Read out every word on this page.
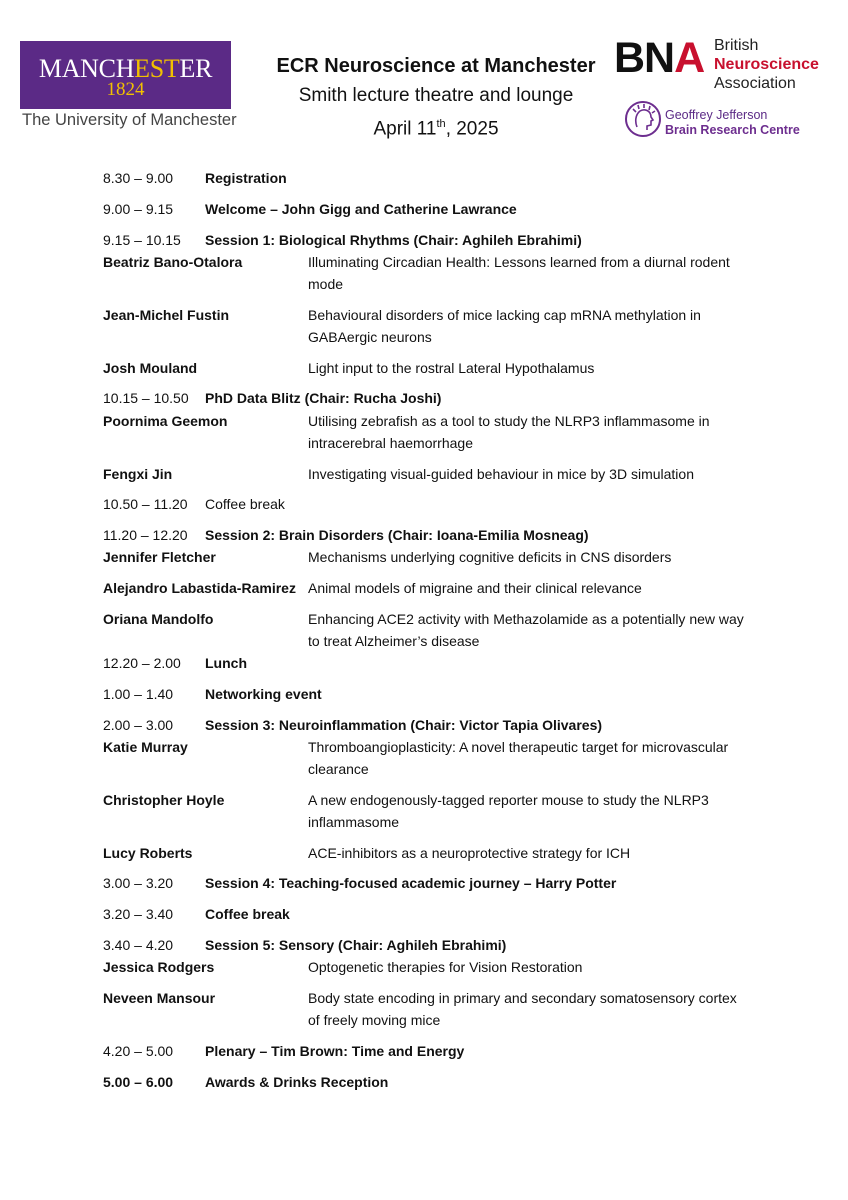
MANCHESTER
1824
The University of Manchester
ECR Neuroscience at Manchester
Smith lecture theatre and lounge
April 11th, 2025
BNA British
Neuroscience
Association
Geoffrey Jefferson
Brain Research Centre
8.30 – 9.00 Registration
9.00 – 9.15 Welcome – John Gigg and Catherine Lawrance
9.15 – 10.15 Session 1: Biological Rhythms (Chair: Aghileh Ebrahimi)
Beatriz Bano-Otalora	Illuminating Circadian Health: Lessons learned from a diurnal rodent mode
Jean-Michel Fustin	Behavioural disorders of mice lacking cap mRNA methylation in GABAergic neurons
Josh Mouland	Light input to the rostral Lateral Hypothalamus
10.15 – 10.50 PhD Data Blitz (Chair: Rucha Joshi)
Poornima Geemon	Utilising zebrafish as a tool to study the NLRP3 inflammasome in intracerebral haemorrhage
Fengxi Jin	Investigating visual-guided behaviour in mice by 3D simulation
10.50 – 11.20 Coffee break
11.20 – 12.20 Session 2: Brain Disorders (Chair: Ioana-Emilia Mosneag)
Jennifer Fletcher	Mechanisms underlying cognitive deficits in CNS disorders
Alejandro Labastida-Ramirez Animal models of migraine and their clinical relevance
Oriana Mandolfo	Enhancing ACE2 activity with Methazolamide as a potentially new way to treat Alzheimer’s disease
12.20 – 2.00 Lunch
1.00 – 1.40 Networking event
2.00 – 3.00 Session 3: Neuroinflammation (Chair: Victor Tapia Olivares)
Katie Murray	Thromboangioplasticity: A novel therapeutic target for microvascular clearance
Christopher Hoyle	A new endogenously-tagged reporter mouse to study the NLRP3 inflammasome
Lucy Roberts	ACE-inhibitors as a neuroprotective strategy for ICH
3.00 – 3.20 Session 4: Teaching-focused academic journey – Harry Potter
3.20 – 3.40 Coffee break
3.40 – 4.20 Session 5: Sensory (Chair: Aghileh Ebrahimi)
Jessica Rodgers	Optogenetic therapies for Vision Restoration
Neveen Mansour	Body state encoding in primary and secondary somatosensory cortex of freely moving mice
4.20 – 5.00 Plenary – Tim Brown: Time and Energy
5.00 – 6.00 Awards & Drinks Reception
